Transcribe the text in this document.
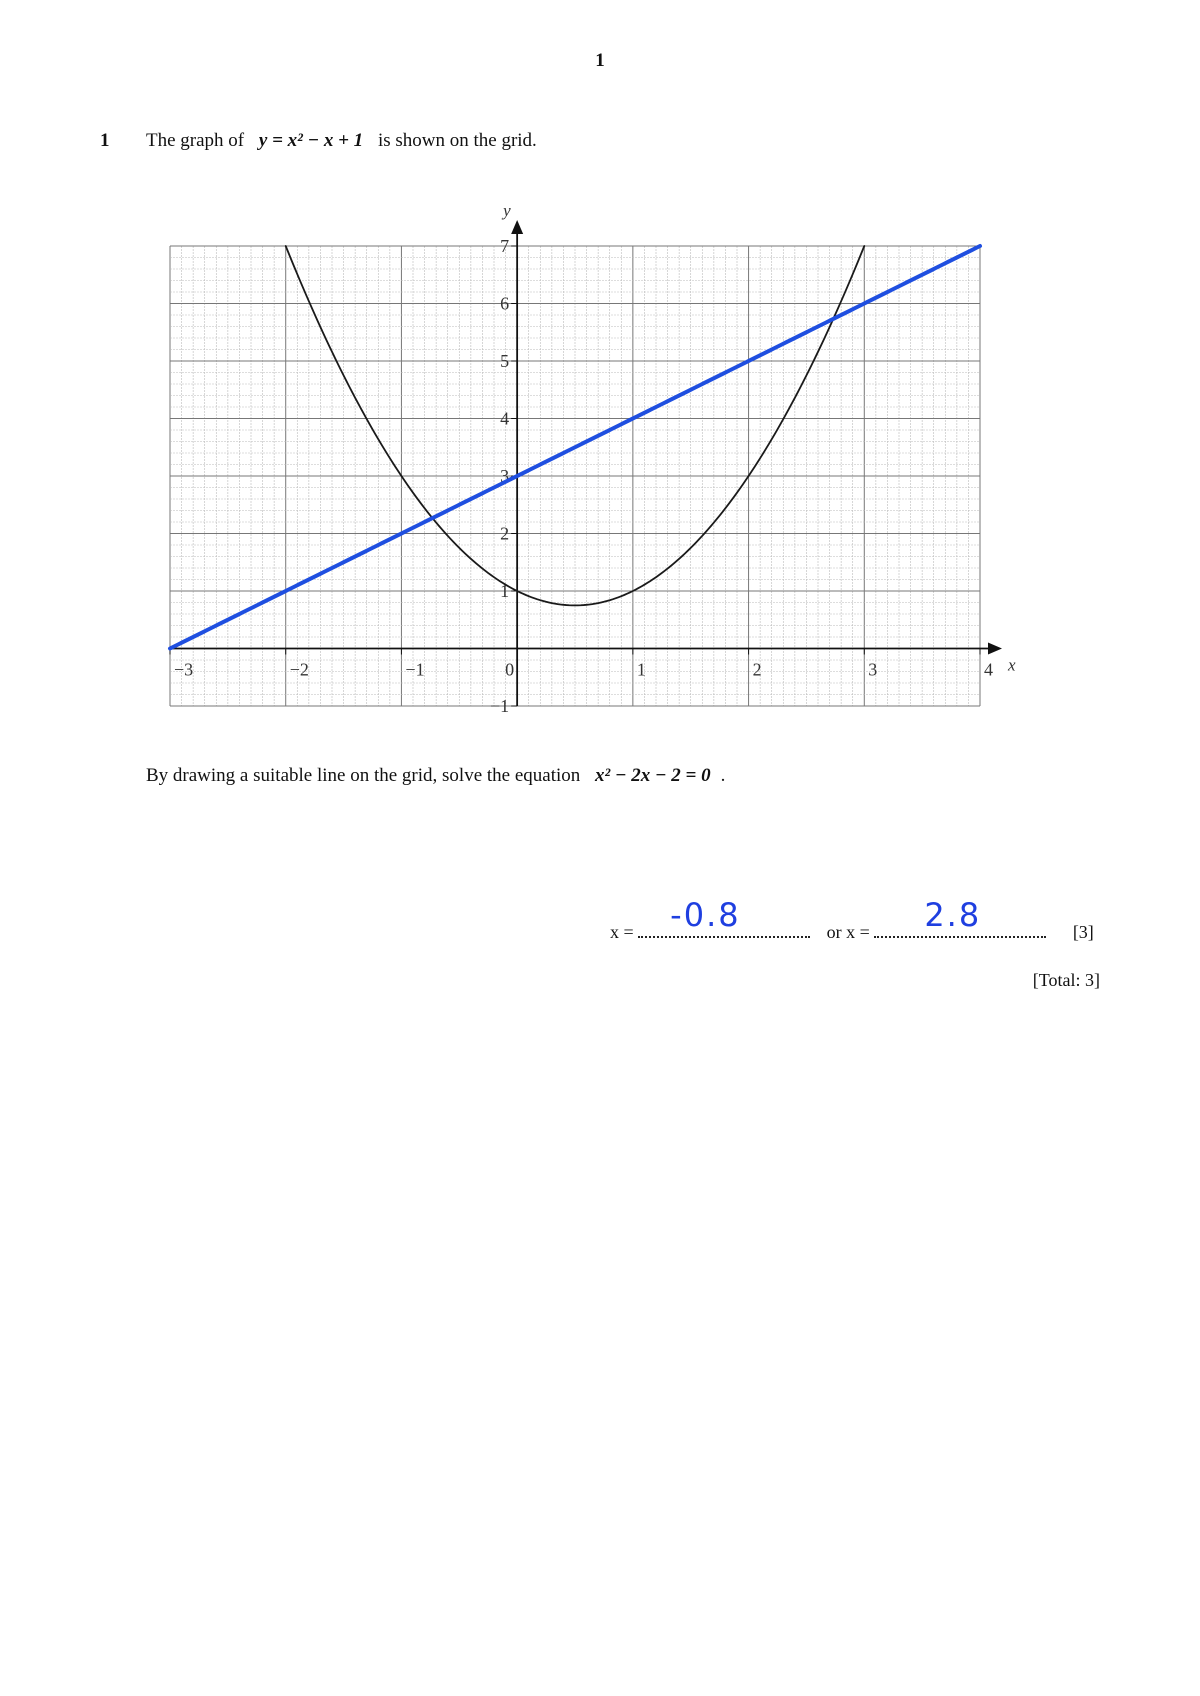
1
1 The graph of y = x² − x + 1 is shown on the grid.
x
y
−3	−2	−1	0	1	2	3	4
−1
1
2
3
4
5
6
7
By drawing a suitable line on the grid, solve the equation x² − 2x − 2 = 0 .
x = -0.8	or x = 2.8	[3]
[Total: 3]
